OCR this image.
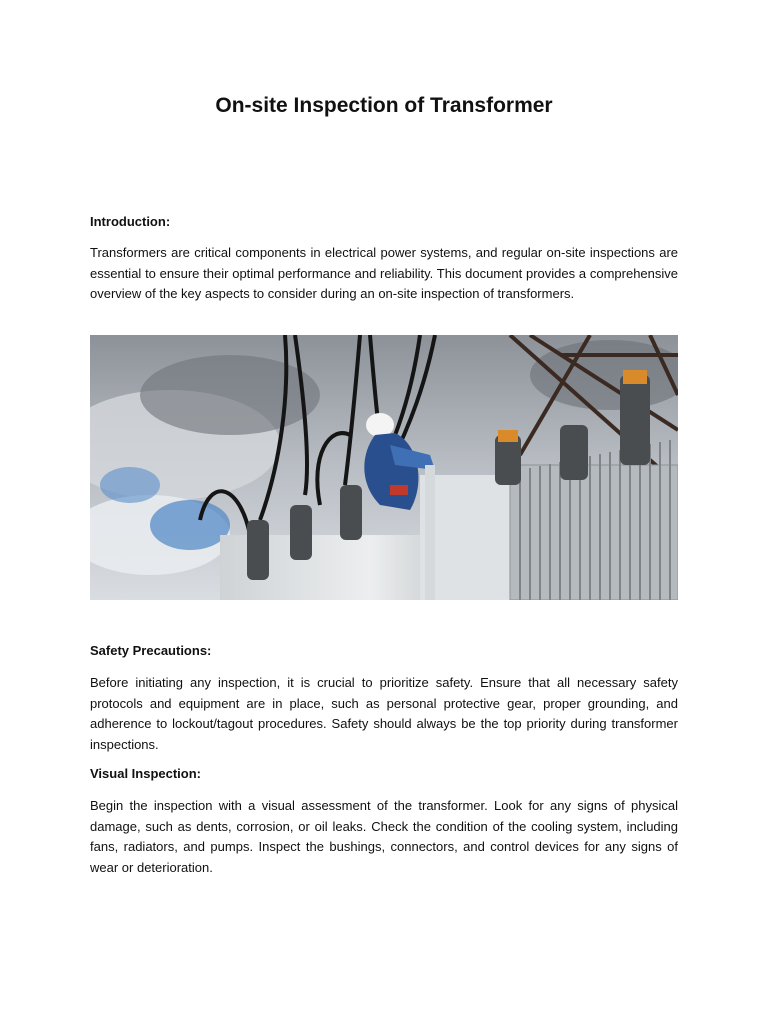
On-site Inspection of Transformer
Introduction:

Transformers are critical components in electrical power systems, and regular on-site inspections are essential to ensure their optimal performance and reliability. This document provides a comprehensive overview of the key aspects to consider during an on-site inspection of transformers.

Safety Precautions:

Before initiating any inspection, it is crucial to prioritize safety. Ensure that all necessary safety protocols and equipment are in place, such as personal protective gear, proper grounding, and adherence to lockout/tagout procedures. Safety should always be the top priority during transformer inspections.

Visual Inspection:

Begin the inspection with a visual assessment of the transformer. Look for any signs of physical damage, such as dents, corrosion, or oil leaks. Check the condition of the cooling system, including fans, radiators, and pumps. Inspect the bushings, connectors, and control devices for any signs of wear or deterioration.
